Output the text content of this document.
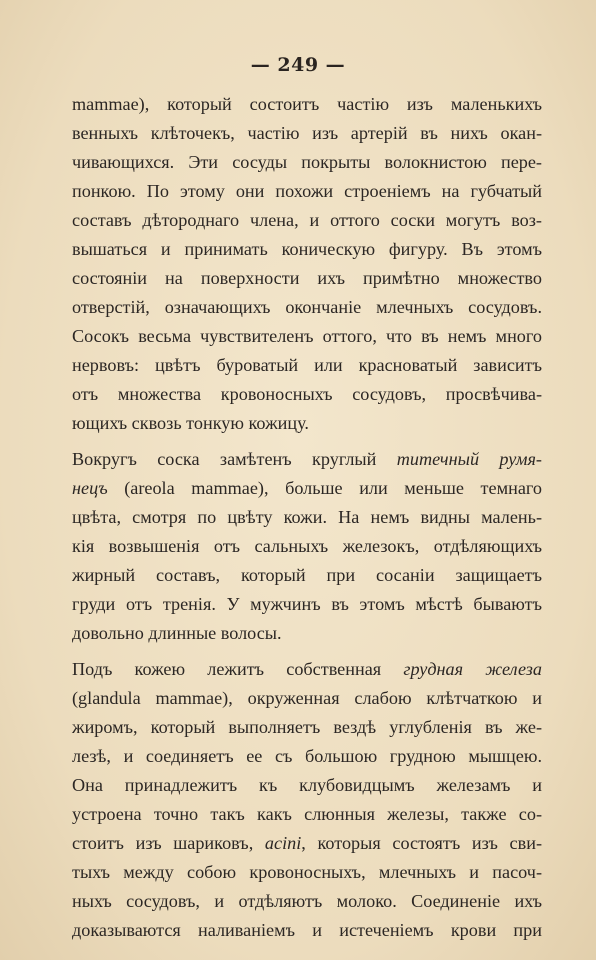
— 249 —
mammae), который состоитъ частію изъ маленькихъ
венныхъ клѣточекъ, частію изъ артерій въ нихъ окан-
чивающихся. Эти сосуды покрыты волокнистою пере-
понкою. По этому они похожи строеніемъ на губчатый
составъ дѣтороднаго члена, и оттого соски могутъ воз-
вышаться и принимать коническую фигуру. Въ этомъ
состояніи на поверхности ихъ примѣтно множество
отверстій, означающихъ окончаніе млечныхъ сосудовъ.
Сосокъ весьма чувствителенъ оттого, что въ немъ много
нервовъ: цвѣтъ буроватый или красноватый зависитъ
отъ множества кровоносныхъ сосудовъ, просвѣчива-
ющихъ сквозь тонкую кожицу.
Вокругъ соска замѣтенъ круглый титечный румя-
нецъ (areola mammae), больше или меньше темнаго
цвѣта, смотря по цвѣту кожи. На немъ видны малень-
кія возвышенія отъ сальныхъ железокъ, отдѣляющихъ
жирный составъ, который при сосаніи защищаетъ
груди отъ тренія. У мужчинъ въ этомъ мѣстѣ бываютъ
довольно длинные волосы.
Подъ кожею лежитъ собственная грудная железа
(glandula mammae), окруженная слабою клѣтчаткою и
жиромъ, который выполняетъ вездѣ углубленія въ же-
лезѣ, и соединяетъ ее съ большою грудною мышцею.
Она принадлежитъ къ клубовидцымъ железамъ и
устроена точно такъ какъ слюнныя железы, также со-
стоитъ изъ шариковъ, acini, которыя состоятъ изъ сви-
тыхъ между собою кровоносныхъ, млечныхъ и пасоч-
ныхъ сосудовъ, и отдѣляютъ молоко. Соединеніе ихъ
доказываются наливаніемъ и истеченіемъ крови при
